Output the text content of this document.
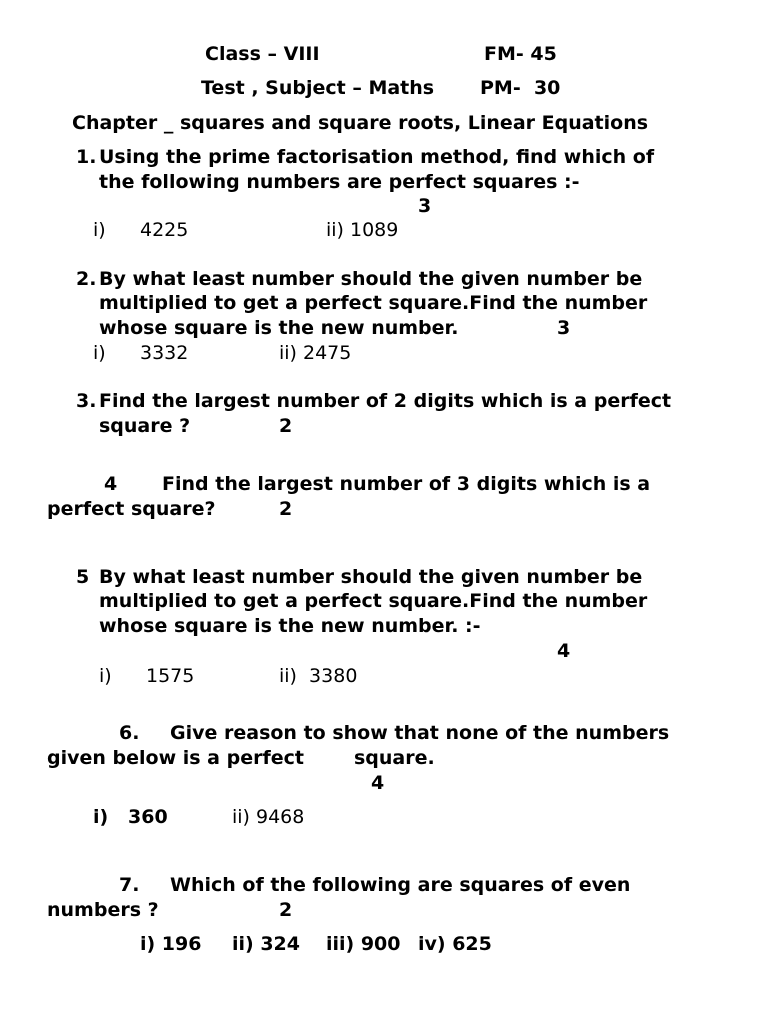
Class – VIII	FM- 45
Test , Subject – Maths PM-  30
Chapter _ squares and square roots, Linear Equations
1. Using the prime factorisation method, find which of
the following numbers are perfect squares :-
3
i) 4225	ii) 1089
2. By what least number should the given number be
multiplied to get a perfect square.Find the number
whose square is the new number.	3
i) 3332	ii) 2475
3. Find the largest number of 2 digits which is a perfect
square ?	2
4 Find the largest number of 3 digits which is a
perfect square?	2
5 By what least number should the given number be
multiplied to get a perfect square.Find the number
whose square is the new number. :-
4
i) 1575	ii)  3380
6. Give reason to show that none of the numbers
given below is a perfect	square.
4
i)   360	ii) 9468
7. Which of the following are squares of even
numbers ?	2
i) 196 ii) 324 iii) 900 iv) 625
